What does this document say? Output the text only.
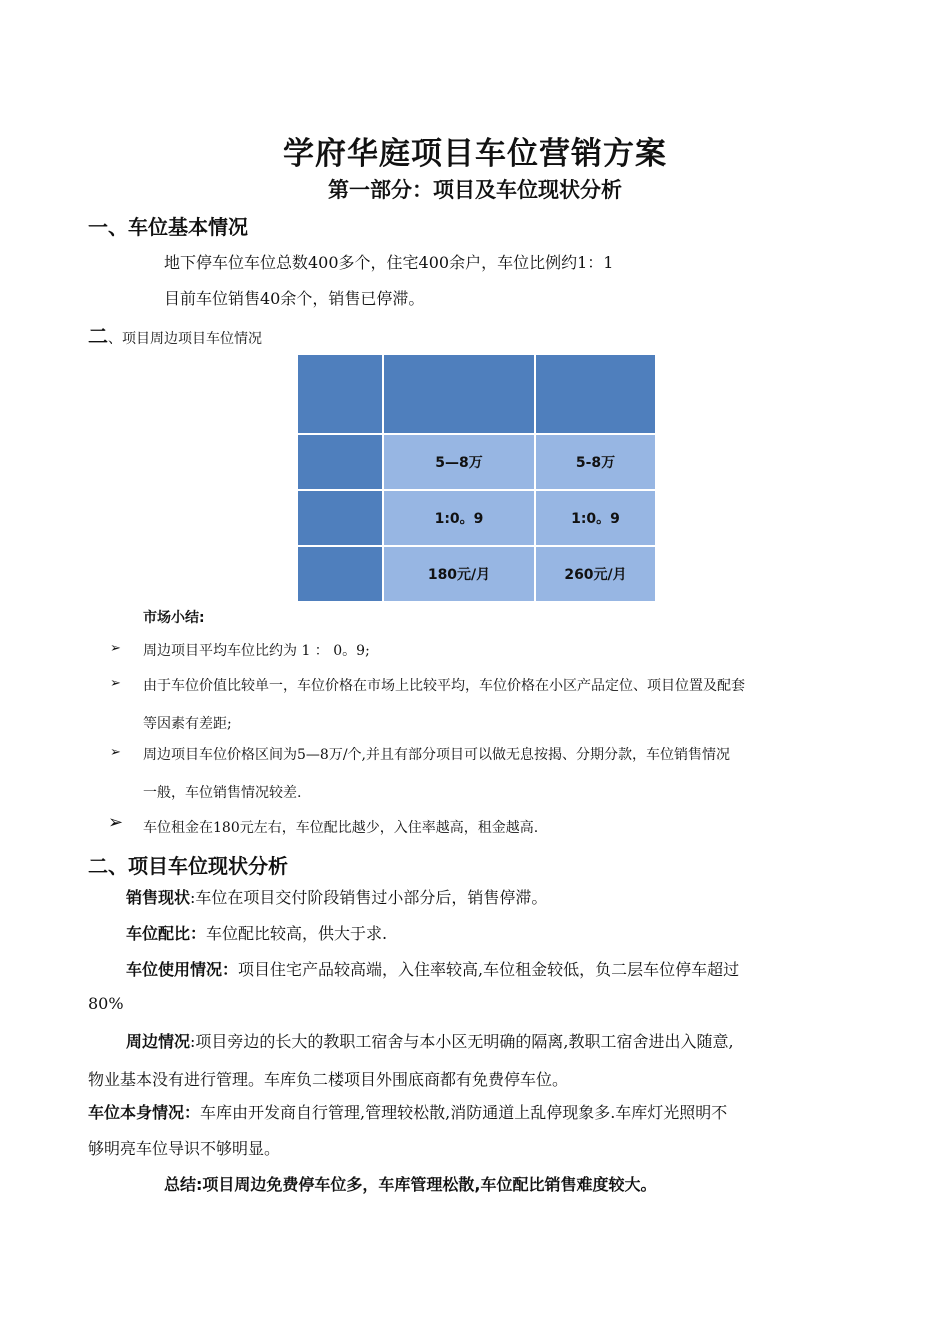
学府华庭项目车位营销方案
第一部分：项目及车位现状分析
一、车位基本情况
地下停车位车位总数400多个，住宅400余户，车位比例约1：1
目前车位销售40余个，销售已停滞。
二、项目周边项目车位情况

	5—8万	5-8万
	1:0。9	1:0。9
	180元/月	260元/月
市场小结:
➢ 周边项目平均车位比约为 1 ： 0。9;
➢ 由于车位价值比较单一，车位价格在市场上比较平均，车位价格在小区产品定位、项目位置及配套
等因素有差距;
➢ 周边项目车位价格区间为5—8万/个,并且有部分项目可以做无息按揭、分期分款，车位销售情况
一般，车位销售情况较差.
➢ 车位租金在180元左右，车位配比越少，入住率越高，租金越高.
二、项目车位现状分析
销售现状:车位在项目交付阶段销售过小部分后，销售停滞。
车位配比：车位配比较高，供大于求.
车位使用情况：项目住宅产品较高端，入住率较高,车位租金较低，负二层车位停车超过
80%
周边情况:项目旁边的长大的教职工宿舍与本小区无明确的隔离,教职工宿舍进出入随意,
物业基本没有进行管理。车库负二楼项目外围底商都有免费停车位。
车位本身情况：车库由开发商自行管理,管理较松散,消防通道上乱停现象多.车库灯光照明不
够明亮车位导识不够明显。
总结:项目周边免费停车位多，车库管理松散,车位配比销售难度较大。
